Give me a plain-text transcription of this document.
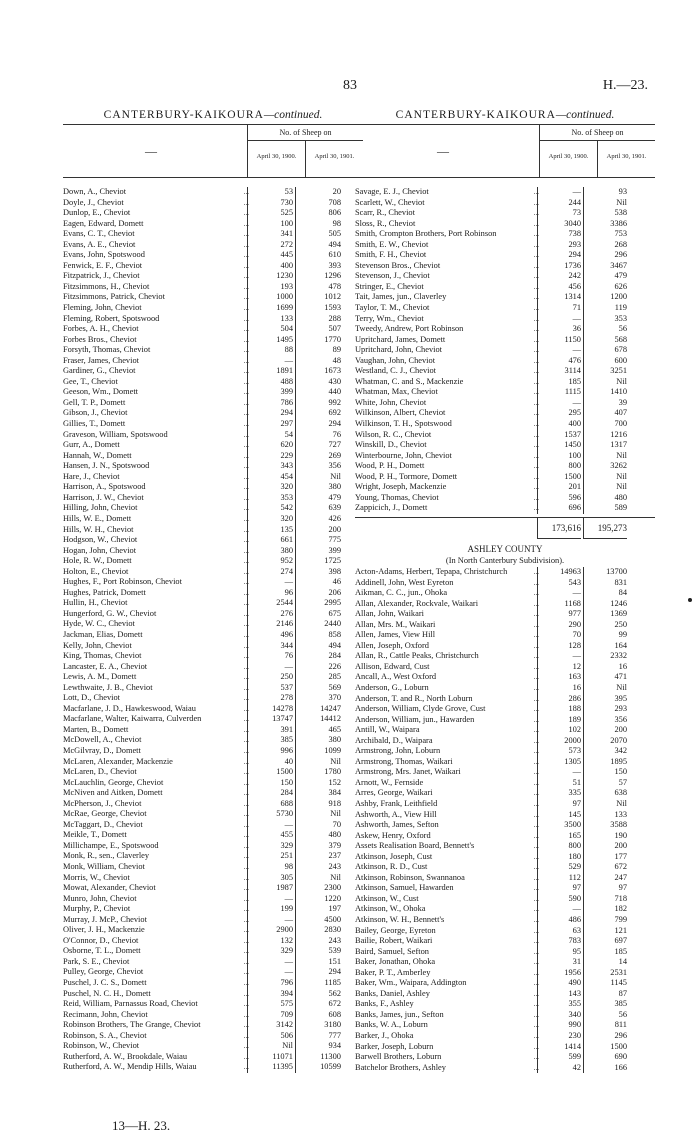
83	H.—23.
CANTERBURY-KAIKOURA—continued.
—
No. of Sheep on
April 30, 1900.	April 30, 1901.
Down, A., Cheviot	...	53	20
Doyle, J., Cheviot	...	730	708
Dunlop, E., Cheviot	...	525	806
Eagen, Edward, Domett	...	100	98
Evans, C. T., Cheviot	...	341	505
Evans, A. E., Cheviot	...	272	494
Evans, John, Spotswood	...	445	610
Fenwick, E. F., Cheviot	...	400	393
Fitzpatrick, J., Cheviot	...	1230	1296
Fitzsimmons, H., Cheviot	...	193	478
Fitzsimmons, Patrick, Cheviot	...	1000	1012
Fleming, John, Cheviot	...	1699	1593
Fleming, Robert, Spotswood	...	133	288
Forbes, A. H., Cheviot	...	504	507
Forbes Bros., Cheviot	...	1495	1770
Forsyth, Thomas, Cheviot	...	88	89
Fraser, James, Cheviot	...	—	48
Gardiner, G., Cheviot	...	1891	1673
Gee, T., Cheviot	...	488	430
Geeson, Wm., Domett	...	399	440
Gell, T. P., Domett	...	786	992
Gibson, J., Cheviot	...	294	692
Gillies, T., Domett	...	297	294
Graveson, William, Spotswood	...	54	76
Gurr, A., Domett	...	620	727
Hannah, W., Domett	...	229	269
Hansen, J. N., Spotswood	...	343	356
Hare, J., Cheviot	...	454	Nil
Harrison, A., Spotswood	...	320	380
Harrison, J. W., Cheviot	...	353	479
Hilling, John, Cheviot	...	542	639
Hills, W. E., Domett	...	320	426
Hills, W. H., Cheviot	...	135	200
Hodgson, W., Cheviot	...	661	775
Hogan, John, Cheviot	...	380	399
Hole, R. W., Domett	...	952	1725
Holton, E., Cheviot	...	274	398
Hughes, F., Port Robinson, Cheviot	...	—	46
Hughes, Patrick, Domett	...	96	206
Hullin, H., Cheviot	...	2544	2995
Hungerford, G. W., Cheviot	...	276	675
Hyde, W. C., Cheviot	...	2146	2440
Jackman, Elias, Domett	...	496	858
Kelly, John, Cheviot	...	344	494
King, Thomas, Cheviot	...	76	284
Lancaster, E. A., Cheviot	...	—	226
Lewis, A. M., Domett	...	250	285
Lewthwaite, J. B., Cheviot	...	537	569
Lott, D., Cheviot	...	278	370
Macfarlane, J. D., Hawkeswood, Waiau	...	14278	14247
Macfarlane, Walter, Kaiwarra, Culverden	...	13747	14412
Marten, B., Domett	...	391	465
McDowell, A., Cheviot	...	385	380
McGilvray, D., Domett	...	996	1099
McLaren, Alexander, Mackenzie	...	40	Nil
McLaren, D., Cheviot	...	1500	1780
McLauchlin, George, Cheviot	...	150	152
McNiven and Aitken, Domett	...	284	384
McPherson, J., Cheviot	...	688	918
McRae, George, Cheviot	...	5730	Nil
McTaggart, D., Cheviot	...	—	70
Meikle, T., Domett	...	455	480
Millichampe, E., Spotswood	...	329	379
Monk, R., sen., Claverley	...	251	237
Monk, William, Cheviot	...	98	243
Morris, W., Cheviot	...	305	Nil
Mowat, Alexander, Cheviot	...	1987	2300
Munro, John, Cheviot	...	—	1220
Murphy, P., Cheviot	...	199	197
Murray, J. McP., Cheviot	...	—	4500
Oliver, J. H., Mackenzie	...	2900	2830
O'Connor, D., Cheviot	...	132	243
Osborne, T. L., Domett	...	329	539
Park, S. E., Cheviot	...	—	151
Pulley, George, Cheviot	...	—	294
Puschel, J. C. S., Domett	...	796	1185
Puschel, N. C. H., Domett	...	394	562
Reid, William, Parnassus Road, Cheviot	...	575	672
Recimann, John, Cheviot	...	709	608
Robinson Brothers, The Grange, Cheviot	...	3142	3180
Robinson, S. A., Cheviot	...	506	777
Robinson, W., Cheviot	...	Nil	934
Rutherford, A. W., Brookdale, Waiau	...	11071	11300
Rutherford, A. W., Mendip Hills, Waiau	...	11395	10599
CANTERBURY-KAIKOURA—continued.
—
No. of Sheep on
April 30, 1900.	April 30, 1901.
Savage, E. J., Cheviot	...	—	93
Scarlett, W., Cheviot	...	244	Nil
Scarr, R., Cheviot	...	73	538
Sloss, R., Cheviot	...	3040	3386
Smith, Crompton Brothers, Port Robinson	...	738	753
Smith, E. W., Cheviot	...	293	268
Smith, F. H., Cheviot	...	294	296
Stevenson Bros., Cheviot	...	1736	3467
Stevenson, J., Cheviot	...	242	479
Stringer, E., Cheviot	...	456	626
Tait, James, jun., Claverley	...	1314	1200
Taylor, T. M., Cheviot	...	71	119
Terry, Wm., Cheviot	...	—	353
Tweedy, Andrew, Port Robinson	...	36	56
Upritchard, James, Domett	...	1150	568
Upritchard, John, Cheviot	...	—	678
Vaughan, John, Cheviot	...	476	600
Westland, C. J., Cheviot	...	3114	3251
Whatman, C. and S., Mackenzie	...	185	Nil
Whatman, Max, Cheviot	...	1115	1410
White, John, Cheviot	...	—	39
Wilkinson, Albert, Cheviot	...	295	407
Wilkinson, T. H., Spotswood	...	400	700
Wilson, R. C., Cheviot	...	1537	1216
Winskill, D., Cheviot	...	1450	1317
Winterbourne, John, Cheviot	...	100	Nil
Wood, P. H., Domett	...	800	3262
Wood, P. H., Tormore, Domett	...	1500	Nil
Wright, Joseph, Mackenzie	...	201	Nil
Young, Thomas, Cheviot	...	596	480
Zappicich, J., Domett	...	696	589
173,616	195,273
ASHLEY COUNTY
(In North Canterbury Subdivision).
Acton-Adams, Herbert, Tepapa, Christchurch	...	14963	13700
Addinell, John, West Eyreton	...	543	831
Aikman, C. C., jun., Ohoka	...	—	84
Allan, Alexander, Rockvale, Waikari	...	1168	1246
Allan, John, Waikari	...	977	1369
Allan, Mrs. M., Waikari	...	290	250
Allen, James, View Hill	...	70	99
Allen, Joseph, Oxford	...	128	164
Allan, R., Cattle Peaks, Christchurch	...	—	2332
Allison, Edward, Cust	...	12	16
Ancall, A., West Oxford	...	163	471
Anderson, G., Loburn	...	16	Nil
Anderson, T. and R., North Loburn	...	286	395
Anderson, William, Clyde Grove, Cust	...	188	293
Anderson, William, jun., Hawarden	...	189	356
Antill, W., Waipara	...	102	200
Archibald, D., Waipara	...	2000	2070
Armstrong, John, Loburn	...	573	342
Armstrong, Thomas, Waikari	...	1305	1895
Armstrong, Mrs. Janet, Waikari	...	—	150
Arnott, W., Fernside	...	51	57
Arres, George, Waikari	...	335	638
Ashby, Frank, Leithfield	...	97	Nil
Ashworth, A., View Hill	...	145	133
Ashworth, James, Sefton	...	3500	3588
Askew, Henry, Oxford	...	165	190
Assets Realisation Board, Bennett's	...	800	200
Atkinson, Joseph, Cust	...	180	177
Atkinson, R. D., Cust	...	529	672
Atkinson, Robinson, Swannanoa	...	112	247
Atkinson, Samuel, Hawarden	...	97	97
Atkinson, W., Cust	...	590	718
Atkinson, W., Ohoka	...	—	182
Atkinson, W. H., Bennett's	...	486	799
Bailey, George, Eyreton	...	63	121
Bailie, Robert, Waikari	...	783	697
Baird, Samuel, Sefton	...	95	185
Baker, Jonathan, Ohoka	...	31	14
Baker, P. T., Amberley	...	1956	2531
Baker, Wm., Waipara, Addington	...	490	1145
Banks, Daniel, Ashley	...	143	87
Banks, F., Ashley	...	355	385
Banks, James, jun., Sefton	...	340	56
Banks, W. A., Loburn	...	990	811
Barker, J., Ohoka	...	230	296
Barker, Joseph, Loburn	...	1414	1500
Barwell Brothers, Loburn	...	599	690
Batchelor Brothers, Ashley	...	42	166
13—H. 23.
